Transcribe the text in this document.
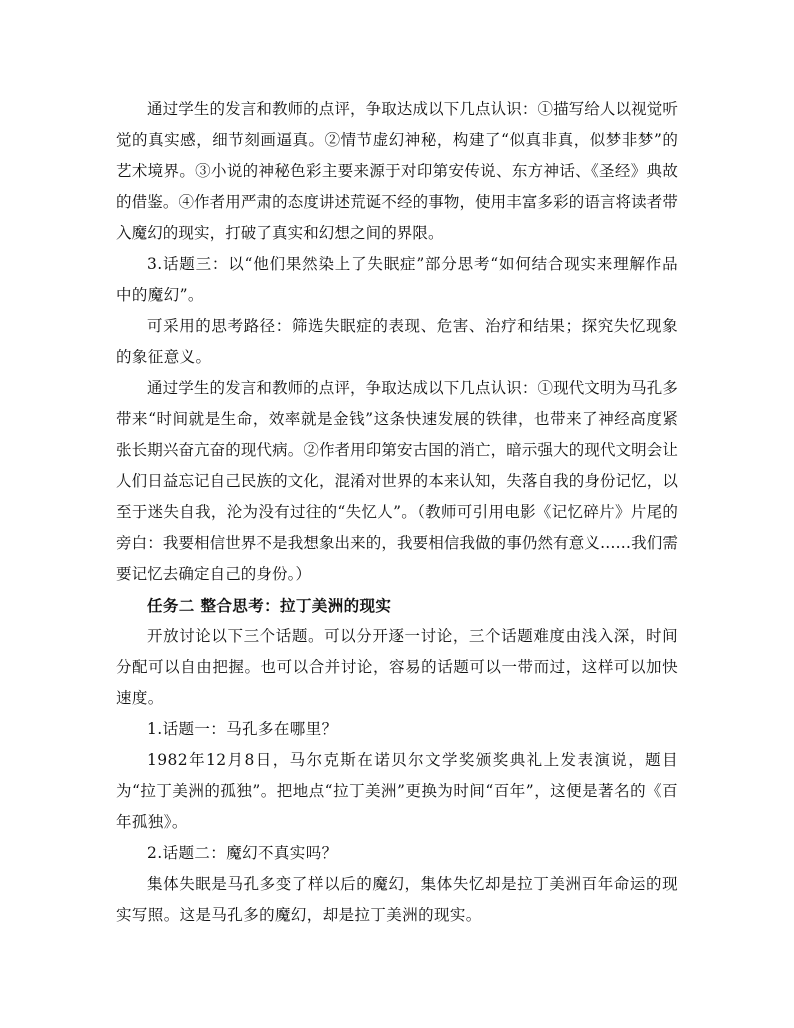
通过学生的发言和教师的点评，争取达成以下几点认识：①描写给人以视觉听觉的真实感，细节刻画逼真。②情节虚幻神秘，构建了“似真非真，似梦非梦”的艺术境界。③小说的神秘色彩主要来源于对印第安传说、东方神话、《圣经》典故的借鉴。④作者用严肃的态度讲述荒诞不经的事物，使用丰富多彩的语言将读者带入魔幻的现实，打破了真实和幻想之间的界限。

3.话题三：以“他们果然染上了失眠症”部分思考“如何结合现实来理解作品中的魔幻”。

可采用的思考路径：筛选失眠症的表现、危害、治疗和结果；探究失忆现象的象征意义。

通过学生的发言和教师的点评，争取达成以下几点认识：①现代文明为马孔多带来“时间就是生命，效率就是金钱”这条快速发展的铁律，也带来了神经高度紧张长期兴奋亢奋的现代病。②作者用印第安古国的消亡，暗示强大的现代文明会让人们日益忘记自己民族的文化，混淆对世界的本来认知，失落自我的身份记忆，以至于迷失自我，沦为没有过往的“失忆人”。（教师可引用电影《记忆碎片》片尾的旁白：我要相信世界不是我想象出来的，我要相信我做的事仍然有意义……我们需要记忆去确定自己的身份。）

任务二 整合思考：拉丁美洲的现实

开放讨论以下三个话题。可以分开逐一讨论，三个话题难度由浅入深，时间分配可以自由把握。也可以合并讨论，容易的话题可以一带而过，这样可以加快速度。

1.话题一：马孔多在哪里？

1982年12月8日，马尔克斯在诺贝尔文学奖颁奖典礼上发表演说，题目为“拉丁美洲的孤独”。把地点“拉丁美洲”更换为时间“百年”，这便是著名的《百年孤独》。

2.话题二：魔幻不真实吗？

集体失眠是马孔多变了样以后的魔幻，集体失忆却是拉丁美洲百年命运的现实写照。这是马孔多的魔幻，却是拉丁美洲的现实。
